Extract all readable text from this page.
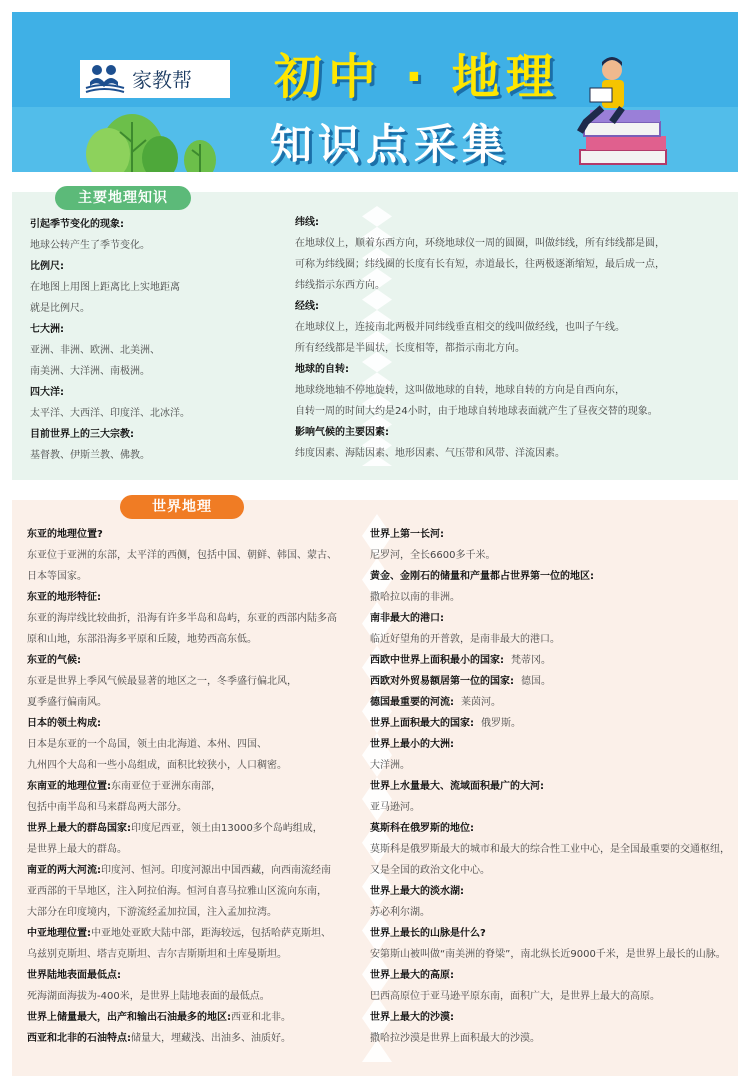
家教帮 初中 · 地理
知识点采集
主要地理知识
引起季节变化的现象:
地球公转产生了季节变化。
比例尺:
在地图上用图上距离比上实地距离
就是比例尺。
七大洲:
亚洲、非洲、欧洲、北美洲、
南美洲、大洋洲、南极洲。
四大洋:
太平洋、大西洋、印度洋、北冰洋。
目前世界上的三大宗教:
基督教、伊斯兰教、佛教。
纬线:
在地球仪上，顺着东西方向，环绕地球仪一周的圆圈，叫做纬线，所有纬线都是圆，
可称为纬线圈；纬线圈的长度有长有短，赤道最长，往两极逐渐缩短，最后成一点，
纬线指示东西方向。
经线:
在地球仪上，连接南北两极并同纬线垂直相交的线叫做经线，也叫子午线。
所有经线都是半圆状，长度相等，都指示南北方向。
地球的自转:
地球绕地轴不停地旋转，这叫做地球的自转，地球自转的方向是自西向东，
自转一周的时间大约是24小时，由于地球自转地球表面就产生了昼夜交替的现象。
影响气候的主要因素:
纬度因素、海陆因素、地形因素、气压带和风带、洋流因素。
世界地理
东亚的地理位置?
东亚位于亚洲的东部，太平洋的西侧，包括中国、朝鲜、韩国、蒙古、
日本等国家。
东亚的地形特征:
东亚的海岸线比较曲折，沿海有许多半岛和岛屿，东亚的西部内陆多高
原和山地，东部沿海多平原和丘陵，地势西高东低。
东亚的气候:
东亚是世界上季风气候最显著的地区之一，冬季盛行偏北风，
夏季盛行偏南风。
日本的领土构成:
日本是东亚的一个岛国，领土由北海道、本州、四国、
九州四个大岛和一些小岛组成，面积比较狭小，人口稠密。
东南亚的地理位置:东南亚位于亚洲东南部，
包括中南半岛和马来群岛两大部分。
世界上最大的群岛国家:印度尼西亚，领土由13000多个岛屿组成，
是世界上最大的群岛。
南亚的两大河流:印度河、恒河。印度河源出中国西藏，向西南流经南
亚西部的干旱地区，注入阿拉伯海。恒河自喜马拉雅山区流向东南，
大部分在印度境内，下游流经孟加拉国，注入孟加拉湾。
中亚地理位置:中亚地处亚欧大陆中部，距海较远，包括哈萨克斯坦、
乌兹别克斯坦、塔吉克斯坦、吉尔吉斯斯坦和土库曼斯坦。
世界陆地表面最低点:
死海湖面海拔为-400米，是世界上陆地表面的最低点。
世界上储量最大，出产和输出石油最多的地区:西亚和北非。
西亚和北非的石油特点:储量大，埋藏浅、出油多、油质好。
世界上第一长河:
尼罗河，全长6600多千米。
黄金、金刚石的储量和产量都占世界第一位的地区:
撒哈拉以南的非洲。
南非最大的港口:
临近好望角的开普敦，是南非最大的港口。
西欧中世界上面积最小的国家: 梵蒂冈。
西欧对外贸易额居第一位的国家: 德国。
德国最重要的河流: 莱茵河。
世界上面积最大的国家: 俄罗斯。
世界上最小的大洲:
大洋洲。
世界上水量最大、流域面积最广的大河:
亚马逊河。
莫斯科在俄罗斯的地位:
莫斯科是俄罗斯最大的城市和最大的综合性工业中心，是全国最重要的交通枢纽，
又是全国的政治文化中心。
世界上最大的淡水湖:
苏必利尔湖。
世界上最长的山脉是什么?
安第斯山被叫做“南美洲的脊梁”，南北纵长近9000千米，是世界上最长的山脉。
世界上最大的高原:
巴西高原位于亚马逊平原东南，面积广大，是世界上最大的高原。
世界上最大的沙漠:
撒哈拉沙漠是世界上面积最大的沙漠。
